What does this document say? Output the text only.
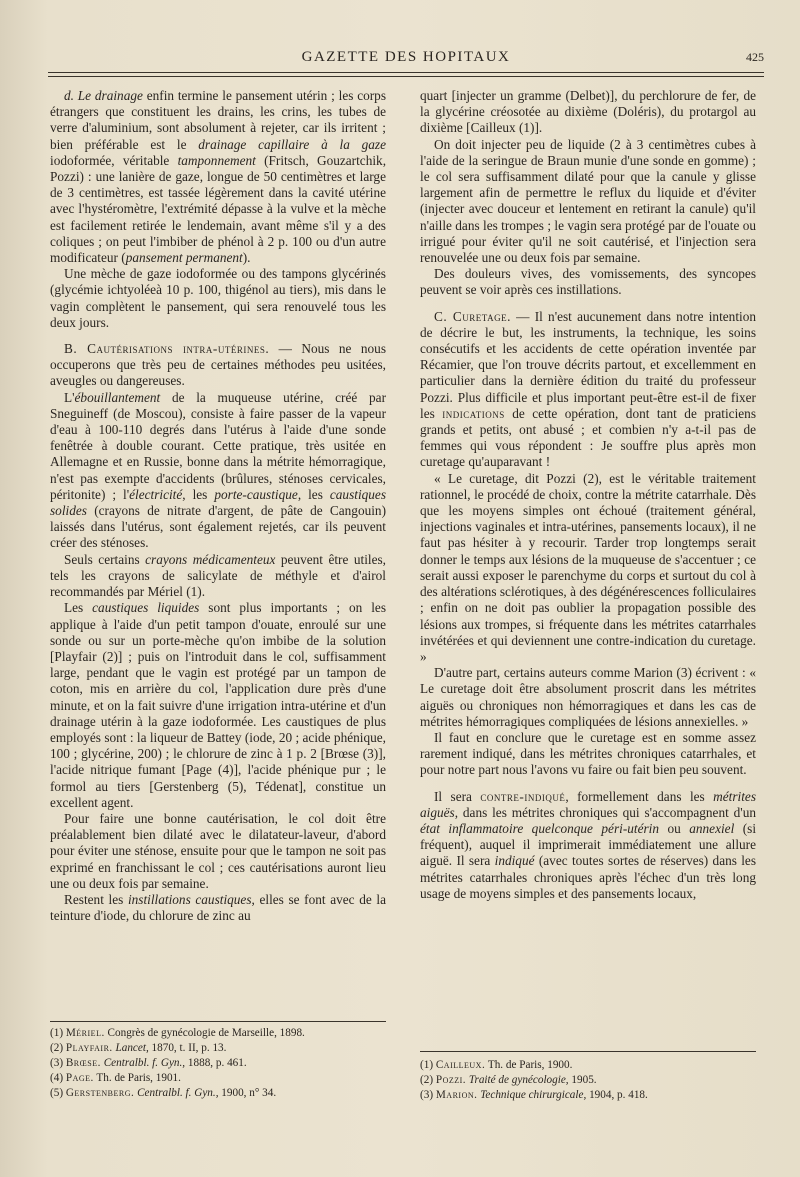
GAZETTE DES HOPITAUX	425

d. Le drainage enfin termine le pansement utérin ; les corps étrangers que constituent les drains, les crins, les tubes de verre d'aluminium, sont absolument à rejeter, car ils irritent ; bien préférable est le drainage capillaire à la gaze iodoformée, véritable tamponnement (Fritsch, Gouzartchik, Pozzi) : une lanière de gaze, longue de 50 centimètres et large de 3 centimètres, est tassée légèrement dans la cavité utérine avec l'hystéromètre, l'extrémité dépasse à la vulve et la mèche est facilement retirée le lendemain, avant même s'il y a des coliques ; on peut l'imbiber de phénol à 2 p. 100 ou d'un autre modificateur (pansement permanent).

Une mèche de gaze iodoformée ou des tampons glycérinés (glycémie ichtyoléeà 10 p. 100, thigénol au tiers), mis dans le vagin complètent le pansement, qui sera renouvelé tous les deux jours.

B. Cautérisations intra-utérines. — Nous ne nous occuperons que très peu de certaines méthodes peu usitées, aveugles ou dangereuses.

L'ébouillantement de la muqueuse utérine, créé par Sneguineff (de Moscou), consiste à faire passer de la vapeur d'eau à 100-110 degrés dans l'utérus à l'aide d'une sonde fenêtrée à double courant. Cette pratique, très usitée en Allemagne et en Russie, bonne dans la métrite hémorragique, n'est pas exempte d'accidents (brûlures, sténoses cervicales, péritonite) ; l'électricité, les porte-caustique, les caustiques solides (crayons de nitrate d'argent, de pâte de Cangouin) laissés dans l'utérus, sont également rejetés, car ils peuvent créer des sténoses.

Seuls certains crayons médicamenteux peuvent être utiles, tels les crayons de salicylate de méthyle et d'airol recommandés par Mériel (1).

Les caustiques liquides sont plus importants ; on les applique à l'aide d'un petit tampon d'ouate, enroulé sur une sonde ou sur un porte-mèche qu'on imbibe de la solution [Playfair (2)] ; puis on l'introduit dans le col, suffisamment large, pendant que le vagin est protégé par un tampon de coton, mis en arrière du col, l'application dure près d'une minute, et on la fait suivre d'une irrigation intra-utérine et d'un drainage utérin à la gaze iodoformée. Les caustiques de plus employés sont : la liqueur de Battey (iode, 20 ; acide phénique, 100 ; glycérine, 200) ; le chlorure de zinc à 1 p. 2 [Brœse (3)], l'acide nitrique fumant [Page (4)], l'acide phénique pur ; le formol au tiers [Gerstenberg (5), Tédenat], constitue un excellent agent.

Pour faire une bonne cautérisation, le col doit être préalablement bien dilaté avec le dilatateur-laveur, d'abord pour éviter une sténose, ensuite pour que le tampon ne soit pas exprimé en franchissant le col ; ces cautérisations auront lieu une ou deux fois par semaine.

Restent les instillations caustiques, elles se font avec de la teinture d'iode, du chlorure de zinc au

quart [injecter un gramme (Delbet)], du perchlorure de fer, de la glycérine créosotée au dixième (Doléris), du protargol au dixième [Cailleux (1)].

On doit injecter peu de liquide (2 à 3 centimètres cubes à l'aide de la seringue de Braun munie d'une sonde en gomme) ; le col sera suffisamment dilaté pour que la canule y glisse largement afin de permettre le reflux du liquide et d'éviter (injecter avec douceur et lentement en retirant la canule) qu'il n'aille dans les trompes ; le vagin sera protégé par de l'ouate ou irrigué pour éviter qu'il ne soit cautérisé, et l'injection sera renouvelée une ou deux fois par semaine.

Des douleurs vives, des vomissements, des syncopes peuvent se voir après ces instillations.

C. Curetage. — Il n'est aucunement dans notre intention de décrire le but, les instruments, la technique, les soins consécutifs et les accidents de cette opération inventée par Récamier, que l'on trouve décrits partout, et excellemment en particulier dans la dernière édition du traité du professeur Pozzi. Plus difficile et plus important peut-être est-il de fixer les indications de cette opération, dont tant de praticiens grands et petits, ont abusé ; et combien n'y a-t-il pas de femmes qui vous répondent : Je souffre plus après mon curetage qu'auparavant !

« Le curetage, dit Pozzi (2), est le véritable traitement rationnel, le procédé de choix, contre la métrite catarrhale. Dès que les moyens simples ont échoué (traitement général, injections vaginales et intra-utérines, pansements locaux), il ne faut pas hésiter à y recourir. Tarder trop longtemps serait donner le temps aux lésions de la muqueuse de s'accentuer ; ce serait aussi exposer le parenchyme du corps et surtout du col à des altérations sclérotiques, à des dégénérescences folliculaires ; enfin on ne doit pas oublier la propagation possible des lésions aux trompes, si fréquente dans les métrites catarrhales invétérées et qui deviennent une contre-indication du curetage. »

D'autre part, certains auteurs comme Marion (3) écrivent : « Le curetage doit être absolument proscrit dans les métrites aiguës ou chroniques non hémorragiques et dans les cas de métrites hémorragiques compliquées de lésions annexielles. »

Il faut en conclure que le curetage est en somme assez rarement indiqué, dans les métrites chroniques catarrhales, et pour notre part nous l'avons vu faire ou fait bien peu souvent.

Il sera contre-indiqué, formellement dans les métrites aiguës, dans les métrites chroniques qui s'accompagnent d'un état inflammatoire quelconque péri-utérin ou annexiel (si fréquent), auquel il imprimerait immédiatement une allure aiguë. Il sera indiqué (avec toutes sortes de réserves) dans les métrites catarrhales chroniques après l'échec d'un très long usage de moyens simples et des pansements locaux,

(1) Mériel. Congrès de gynécologie de Marseille, 1898.
(2) Playfair. Lancet, 1870, t. II, p. 13.
(3) Brœse. Centralbl. f. Gyn., 1888, p. 461.
(4) Page. Th. de Paris, 1901.
(5) Gerstenberg. Centralbl. f. Gyn., 1900, n° 34.
(1) Cailleux. Th. de Paris, 1900.
(2) Pozzi. Traité de gynécologie, 1905.
(3) Marion. Technique chirurgicale, 1904, p. 418.
